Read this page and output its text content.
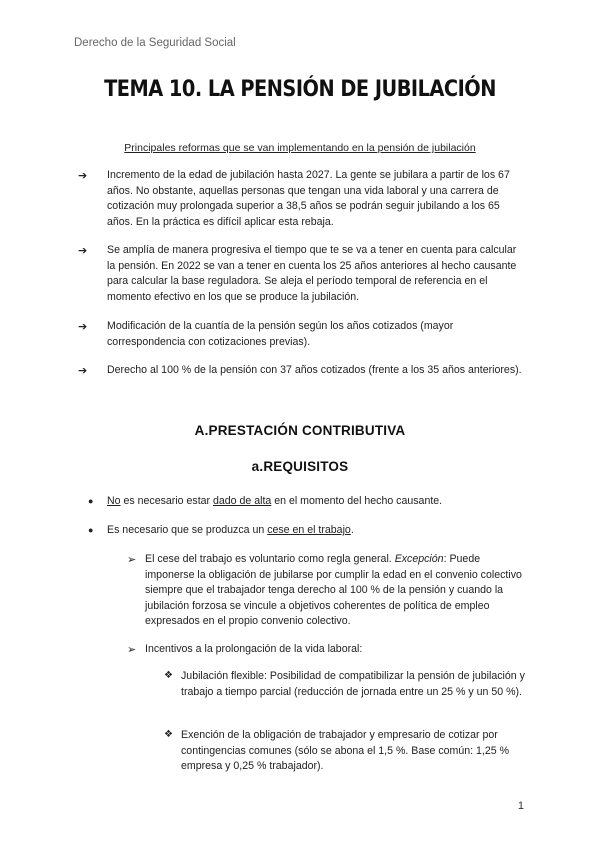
Derecho de la Seguridad Social
TEMA 10. LA PENSIÓN DE JUBILACIÓN
Principales reformas que se van implementando en la pensión de jubilación
➔ Incremento de la edad de jubilación hasta 2027. La gente se jubilara a partir de los 67 años. No obstante, aquellas personas que tengan una vida laboral y una carrera de cotización muy prolongada superior a 38,5 años se podrán seguir jubilando a los 65 años. En la práctica es difícil aplicar esta rebaja.
➔ Se amplía de manera progresiva el tiempo que te se va a tener en cuenta para calcular la pensión. En 2022 se van a tener en cuenta los 25 años anteriores al hecho causante para calcular la base reguladora. Se aleja el período temporal de referencia en el momento efectivo en los que se produce la jubilación.
➔ Modificación de la cuantía de la pensión según los años cotizados (mayor correspondencia con cotizaciones previas).
➔ Derecho al 100 % de la pensión con 37 años cotizados (frente a los 35 años anteriores).
A.PRESTACIÓN CONTRIBUTIVA
a.REQUISITOS
● No es necesario estar dado de alta en el momento del hecho causante.
● Es necesario que se produzca un cese en el trabajo.
➢ El cese del trabajo es voluntario como regla general. Excepción: Puede imponerse la obligación de jubilarse por cumplir la edad en el convenio colectivo siempre que el trabajador tenga derecho al 100 % de la pensión y cuando la jubilación forzosa se vincule a objetivos coherentes de política de empleo expresados en el propio convenio colectivo.
➢ Incentivos a la prolongación de la vida laboral:
❖ Jubilación flexible: Posibilidad de compatibilizar la pensión de jubilación y trabajo a tiempo parcial (reducción de jornada entre un 25 % y un 50 %).
❖ Exención de la obligación de trabajador y empresario de cotizar por contingencias comunes (sólo se abona el 1,5 %. Base común: 1,25 % empresa y 0,25 % trabajador).
1
